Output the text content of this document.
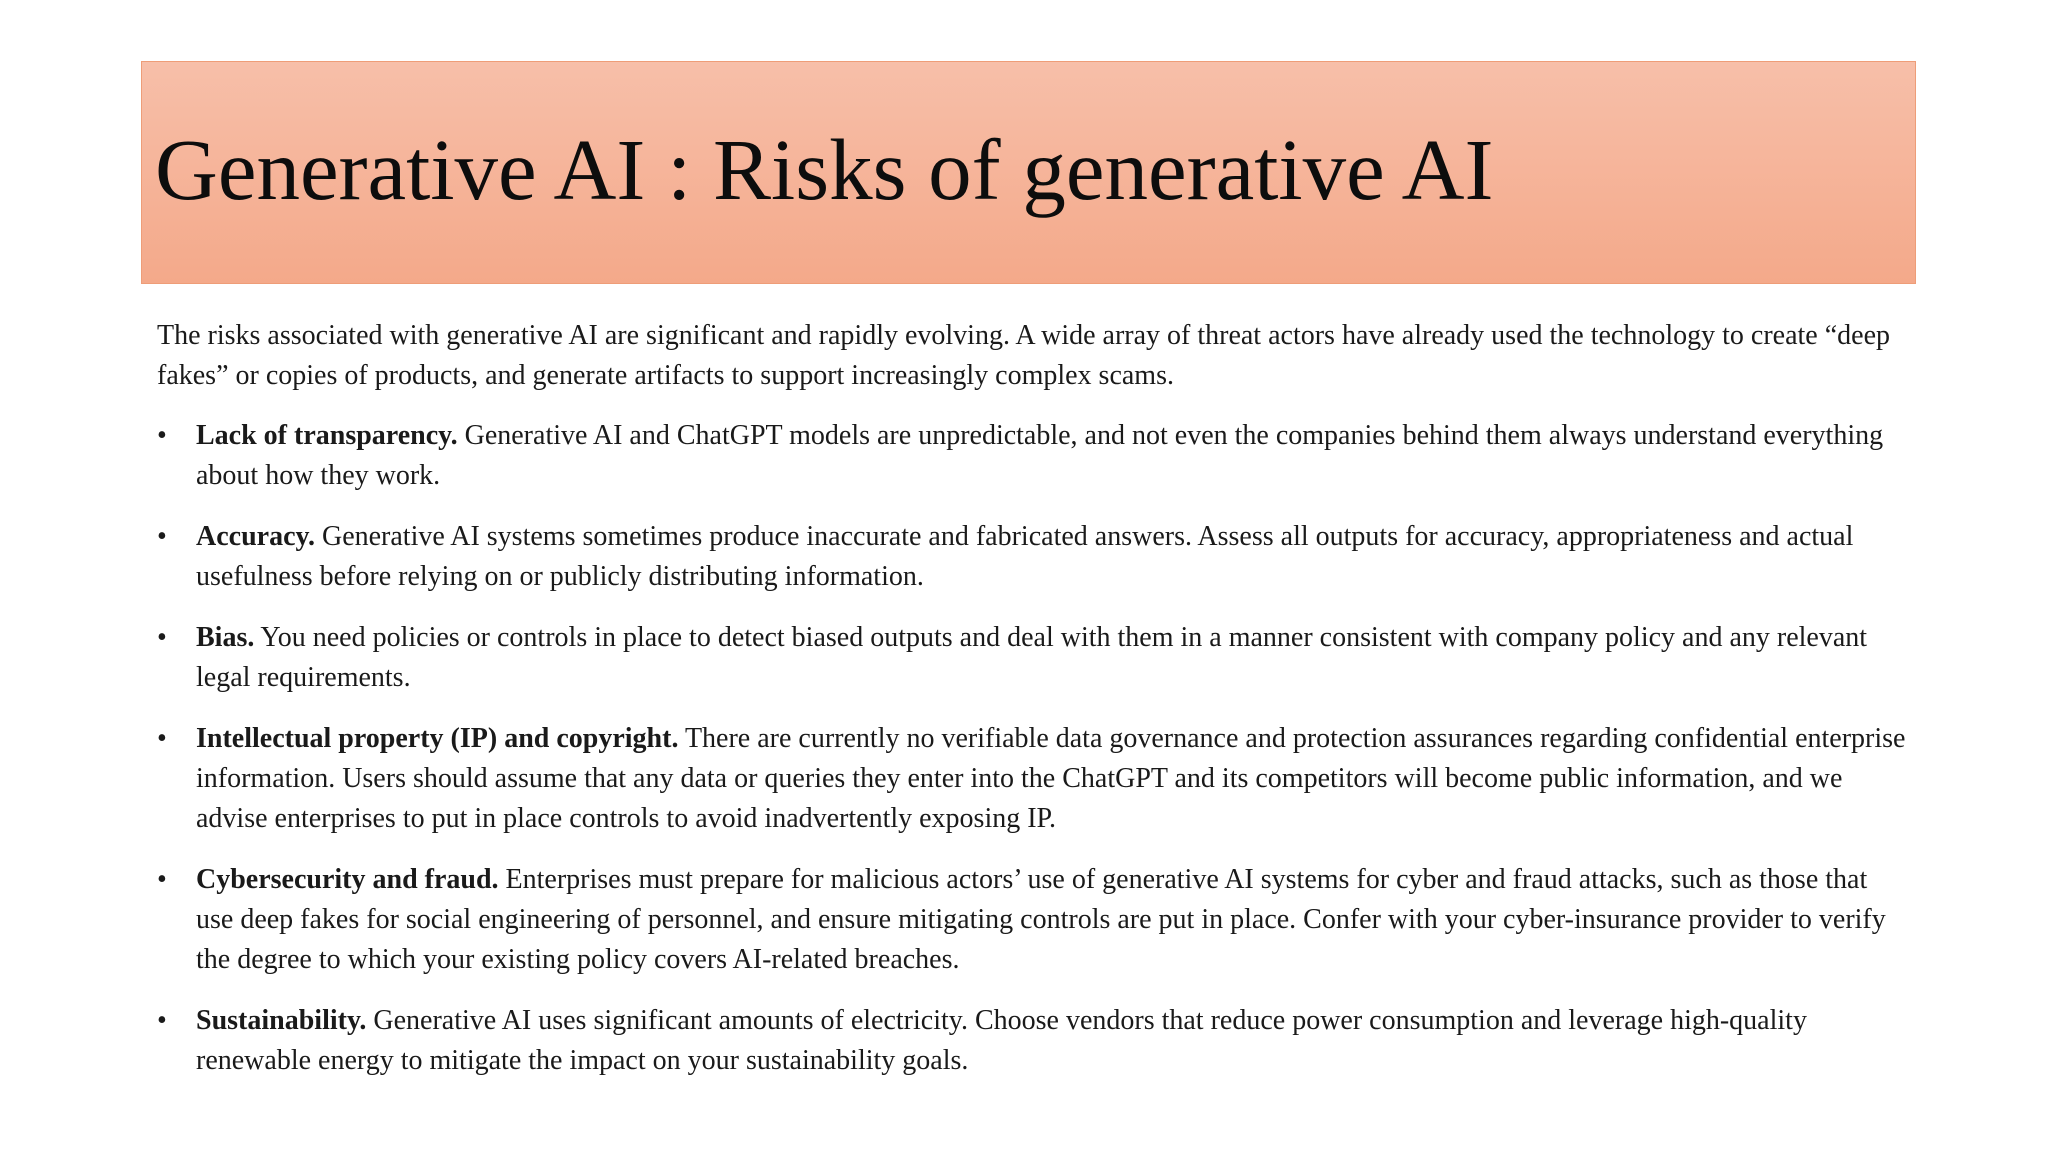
Generative AI : Risks of generative AI

The risks associated with generative AI are significant and rapidly evolving. A wide array of threat actors have already used the technology to create “deep fakes” or copies of products, and generate artifacts to support increasingly complex scams.

• Lack of transparency. Generative AI and ChatGPT models are unpredictable, and not even the companies behind them always understand everything about how they work.
• Accuracy. Generative AI systems sometimes produce inaccurate and fabricated answers. Assess all outputs for accuracy, appropriateness and actual usefulness before relying on or publicly distributing information.
• Bias. You need policies or controls in place to detect biased outputs and deal with them in a manner consistent with company policy and any relevant legal requirements.
• Intellectual property (IP) and copyright. There are currently no verifiable data governance and protection assurances regarding confidential enterprise information. Users should assume that any data or queries they enter into the ChatGPT and its competitors will become public information, and we advise enterprises to put in place controls to avoid inadvertently exposing IP.
• Cybersecurity and fraud. Enterprises must prepare for malicious actors’ use of generative AI systems for cyber and fraud attacks, such as those that use deep fakes for social engineering of personnel, and ensure mitigating controls are put in place. Confer with your cyber-insurance provider to verify the degree to which your existing policy covers AI-related breaches.
• Sustainability. Generative AI uses significant amounts of electricity. Choose vendors that reduce power consumption and leverage high-quality renewable energy to mitigate the impact on your sustainability goals.
